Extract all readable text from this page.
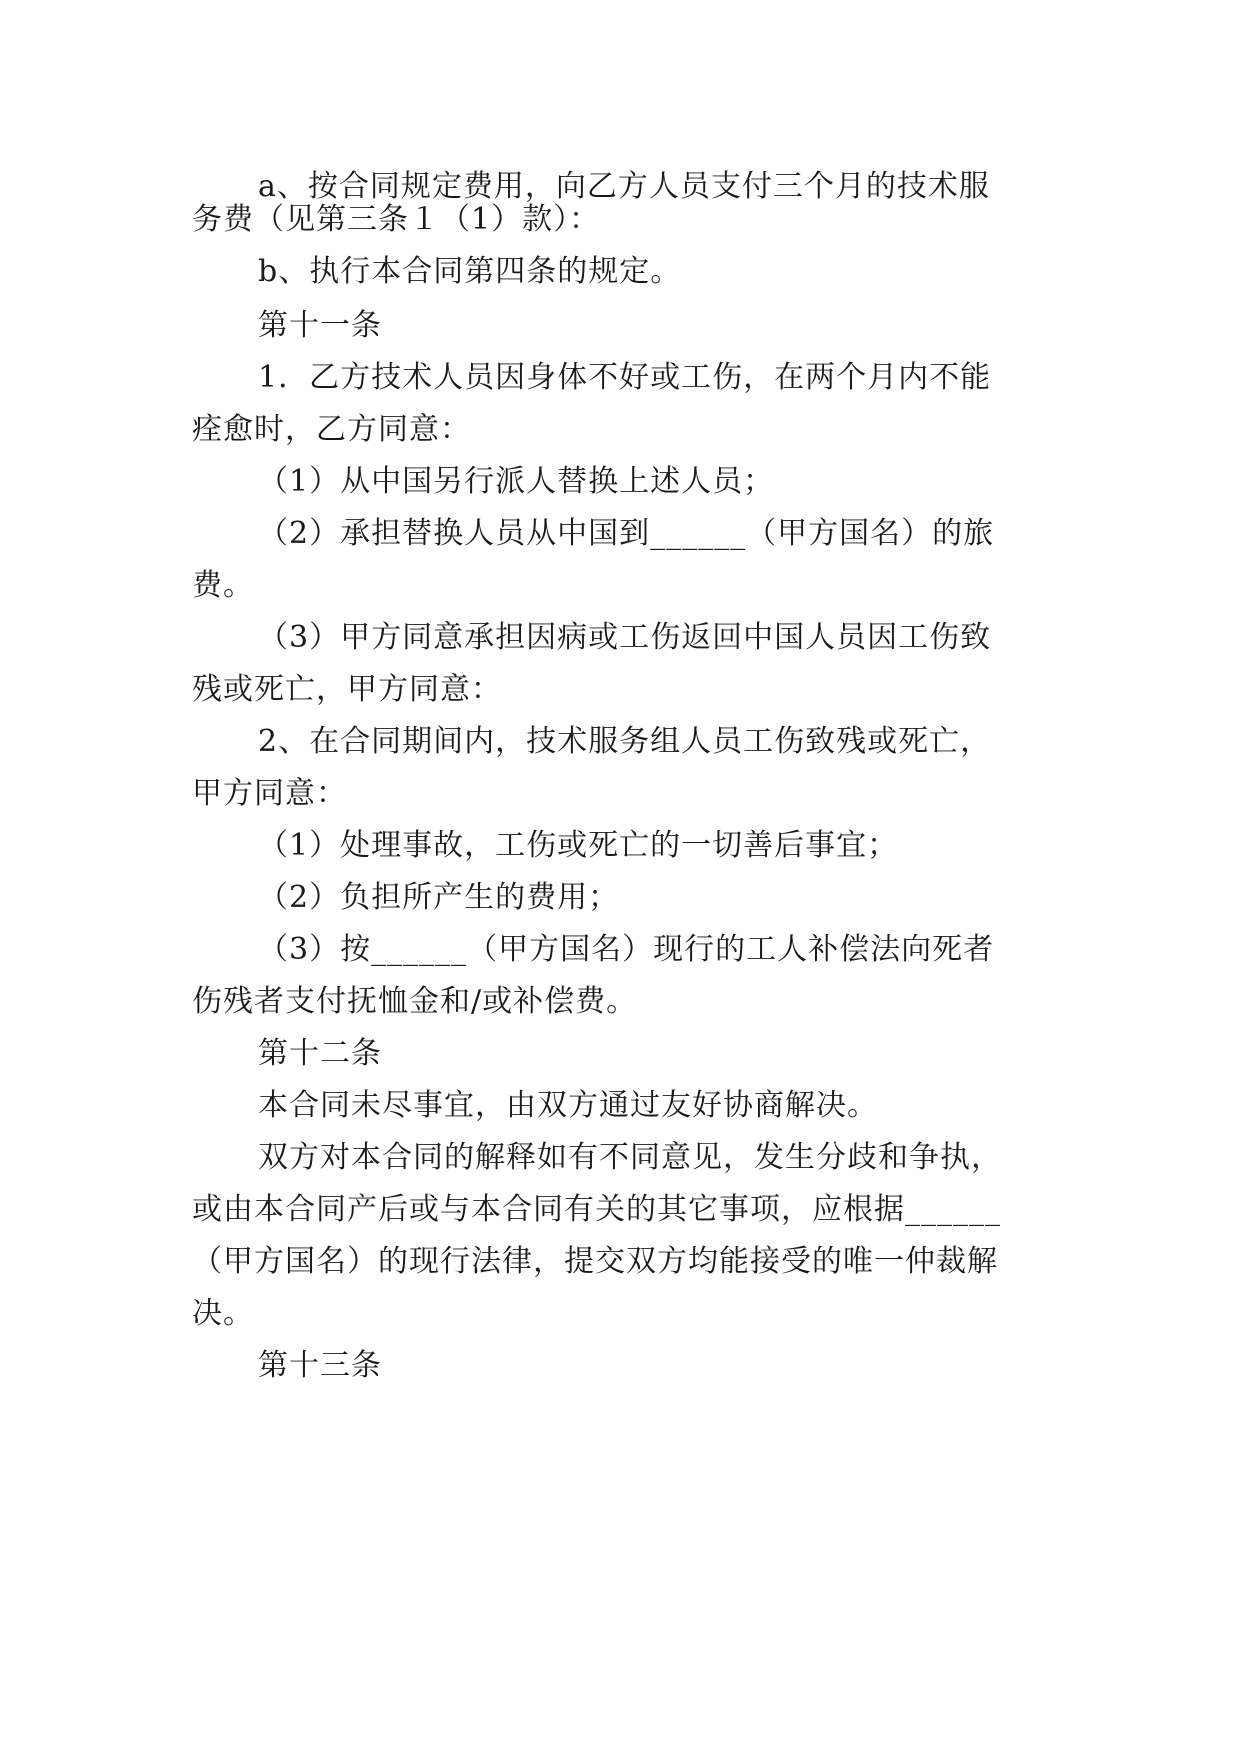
a、按合同规定费用，向乙方人员支付三个月的技术服
务费（见第三条１（1）款）：
b、执行本合同第四条的规定。
第十一条
1．乙方技术人员因身体不好或工伤，在两个月内不能
痊愈时，乙方同意：
（1）从中国另行派人替换上述人员；
（2）承担替换人员从中国到______（甲方国名）的旅
费。
（3）甲方同意承担因病或工伤返回中国人员因工伤致
残或死亡，甲方同意：
2、在合同期间内，技术服务组人员工伤致残或死亡，
甲方同意：
（1）处理事故，工伤或死亡的一切善后事宜；
（2）负担所产生的费用；
（3）按______（甲方国名）现行的工人补偿法向死者
伤残者支付抚恤金和/或补偿费。
第十二条
本合同未尽事宜，由双方通过友好协商解决。
双方对本合同的解释如有不同意见，发生分歧和争执，
或由本合同产后或与本合同有关的其它事项，应根据______
（甲方国名）的现行法律，提交双方均能接受的唯一仲裁解
决。
第十三条
